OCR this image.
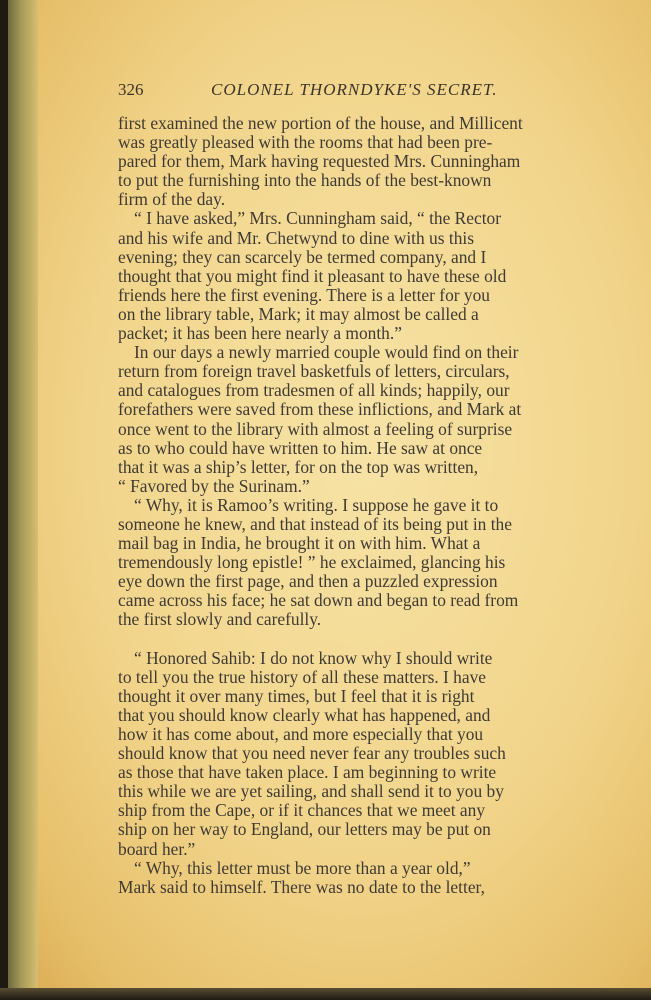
326	COLONEL THORNDYKE'S SECRET.
first examined the new portion of the house, and Millicent
was greatly pleased with the rooms that had been pre-
pared for them, Mark having requested Mrs. Cunningham
to put the furnishing into the hands of the best-known
firm of the day.
“ I have asked,” Mrs. Cunningham said, “ the Rector
and his wife and Mr. Chetwynd to dine with us this
evening; they can scarcely be termed company, and I
thought that you might find it pleasant to have these old
friends here the first evening. There is a letter for you
on the library table, Mark; it may almost be called a
packet; it has been here nearly a month.”
In our days a newly married couple would find on their
return from foreign travel basketfuls of letters, circulars,
and catalogues from tradesmen of all kinds; happily, our
forefathers were saved from these inflictions, and Mark at
once went to the library with almost a feeling of surprise
as to who could have written to him. He saw at once
that it was a ship’s letter, for on the top was written,
“ Favored by the Surinam.”
“ Why, it is Ramoo’s writing. I suppose he gave it to
someone he knew, and that instead of its being put in the
mail bag in India, he brought it on with him. What a
tremendously long epistle! ” he exclaimed, glancing his
eye down the first page, and then a puzzled expression
came across his face; he sat down and began to read from
the first slowly and carefully.
“ Honored Sahib: I do not know why I should write
to tell you the true history of all these matters. I have
thought it over many times, but I feel that it is right
that you should know clearly what has happened, and
how it has come about, and more especially that you
should know that you need never fear any troubles such
as those that have taken place. I am beginning to write
this while we are yet sailing, and shall send it to you by
ship from the Cape, or if it chances that we meet any
ship on her way to England, our letters may be put on
board her.”
“ Why, this letter must be more than a year old,”
Mark said to himself. There was no date to the letter,
